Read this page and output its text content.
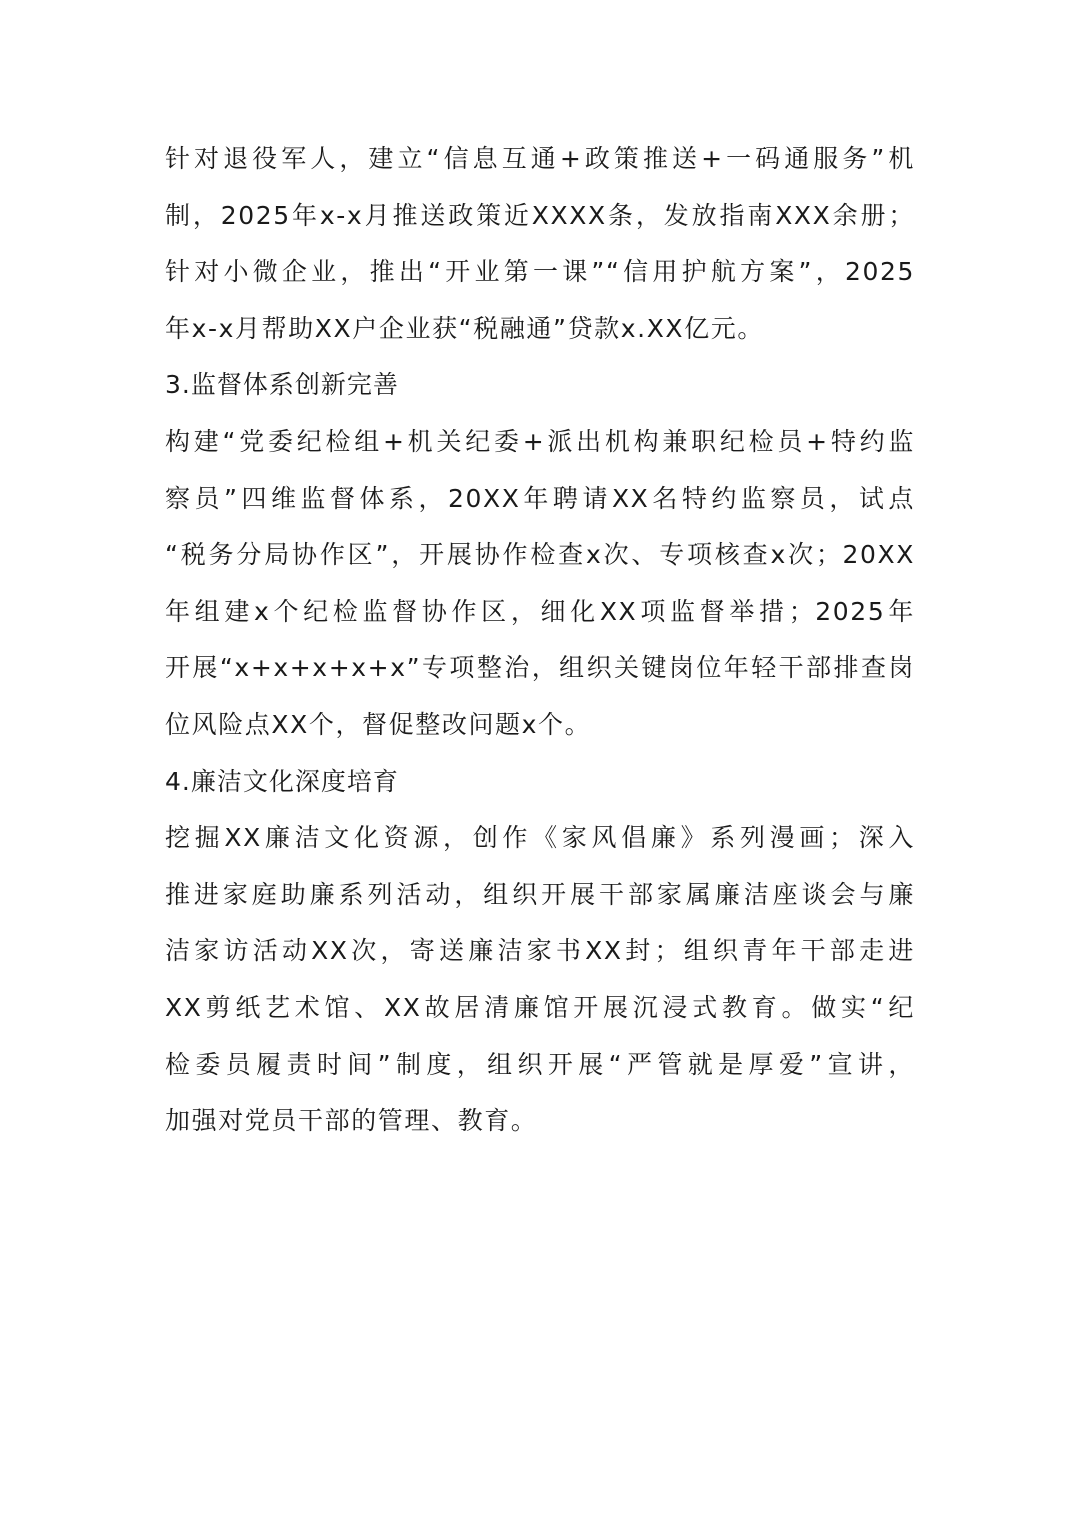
针对退役军人，建立“信息互通+政策推送+一码通服务”机
制，2025年x-x月推送政策近XXXX条，发放指南XXX余册；
针对小微企业，推出“开业第一课”“信用护航方案”，2025
年x-x月帮助XX户企业获“税融通”贷款x.XX亿元。
3.监督体系创新完善
构建“党委纪检组+机关纪委+派出机构兼职纪检员+特约监
察员”四维监督体系，20XX年聘请XX名特约监察员，试点
“税务分局协作区”，开展协作检查x次、专项核查x次；20XX
年组建x个纪检监督协作区，细化XX项监督举措；2025年
开展“x+x+x+x+x”专项整治，组织关键岗位年轻干部排查岗
位风险点XX个，督促整改问题x个。
4.廉洁文化深度培育
挖掘XX廉洁文化资源，创作《家风倡廉》系列漫画；深入
推进家庭助廉系列活动，组织开展干部家属廉洁座谈会与廉
洁家访活动XX次，寄送廉洁家书XX封；组织青年干部走进
XX剪纸艺术馆、XX故居清廉馆开展沉浸式教育。做实“纪
检委员履责时间”制度，组织开展“严管就是厚爱”宣讲，
加强对党员干部的管理、教育。
